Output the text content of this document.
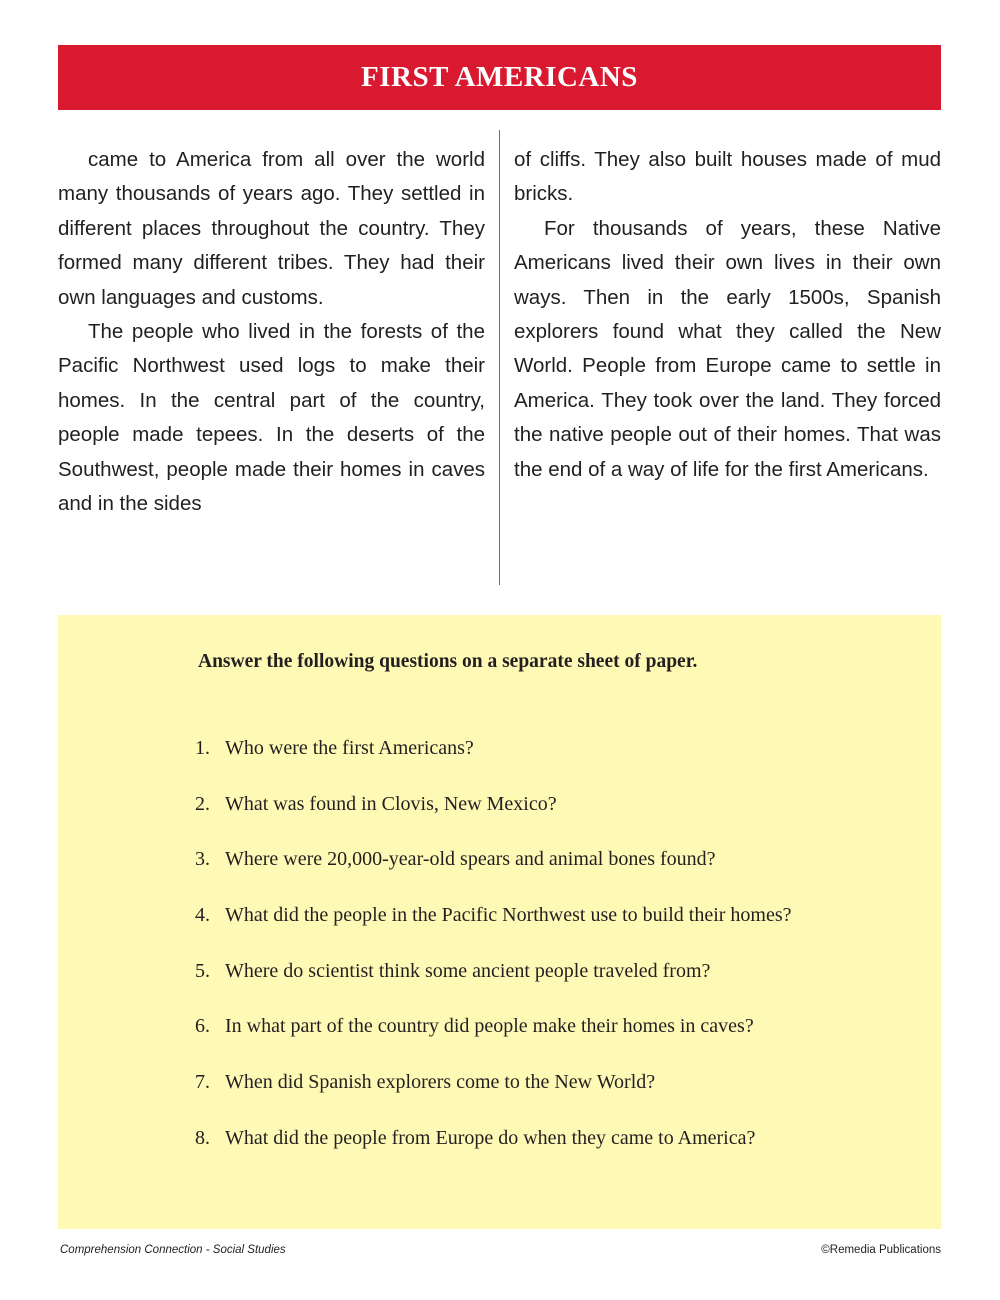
FIRST AMERICANS

came to America from all over the world many thousands of years ago. They settled in different places throughout the country. They formed many different tribes. They had their own languages and customs.

The people who lived in the forests of the Pacific Northwest used logs to make their homes. In the central part of the country, people made tepees. In the deserts of the Southwest, people made their homes in caves and in the sides

of cliffs. They also built houses made of mud bricks.

For thousands of years, these Native Americans lived their own lives in their own ways. Then in the early 1500s, Spanish explorers found what they called the New World. People from Europe came to settle in America. They took over the land. They forced the native people out of their homes. That was the end of a way of life for the first Americans.

Answer the following questions on a separate sheet of paper.

1. Who were the first Americans?
2. What was found in Clovis, New Mexico?
3. Where were 20,000-year-old spears and animal bones found?
4. What did the people in the Pacific Northwest use to build their homes?
5. Where do scientist think some ancient people traveled from?
6. In what part of the country did people make their homes in caves?
7. When did Spanish explorers come to the New World?
8. What did the people from Europe do when they came to America?
Comprehension Connection - Social Studies	©Remedia Publications
